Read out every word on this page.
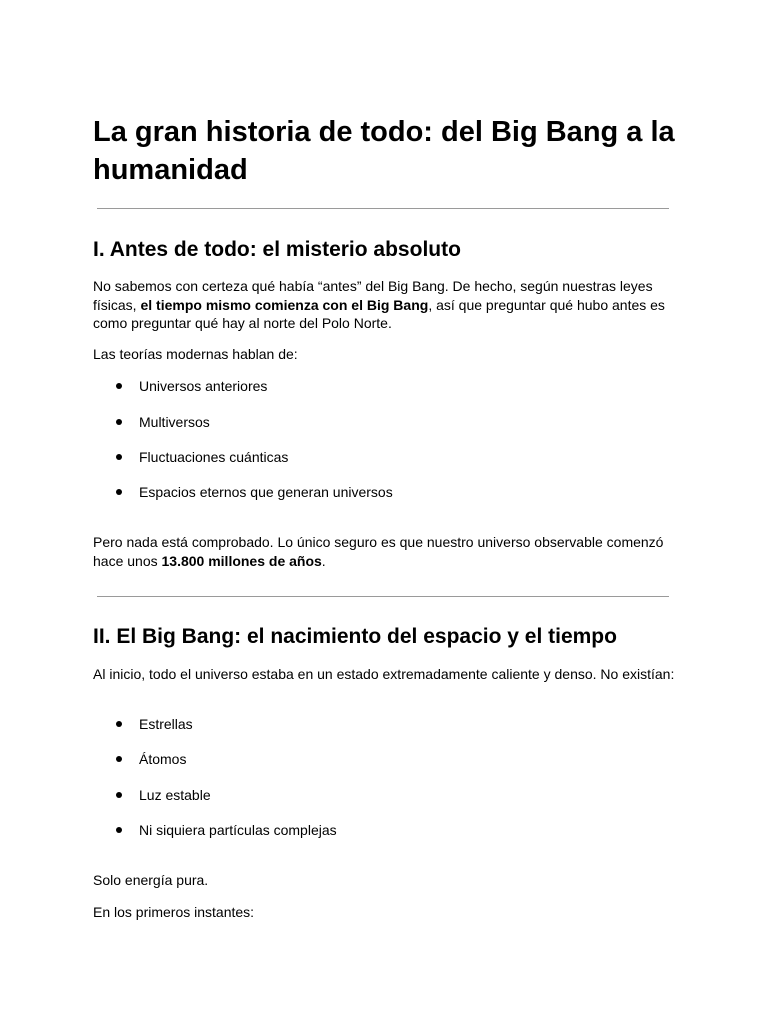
La gran historia de todo: del Big Bang a la humanidad
I. Antes de todo: el misterio absoluto

No sabemos con certeza qué había “antes” del Big Bang. De hecho, según nuestras leyes físicas, el tiempo mismo comienza con el Big Bang, así que preguntar qué hubo antes es como preguntar qué hay al norte del Polo Norte.

Las teorías modernas hablan de:

Universos anteriores
Multiversos
Fluctuaciones cuánticas
Espacios eternos que generan universos

Pero nada está comprobado. Lo único seguro es que nuestro universo observable comenzó hace unos 13.800 millones de años.

II. El Big Bang: el nacimiento del espacio y el tiempo

Al inicio, todo el universo estaba en un estado extremadamente caliente y denso. No existían:

Estrellas
Átomos
Luz estable
Ni siquiera partículas complejas

Solo energía pura.

En los primeros instantes:
